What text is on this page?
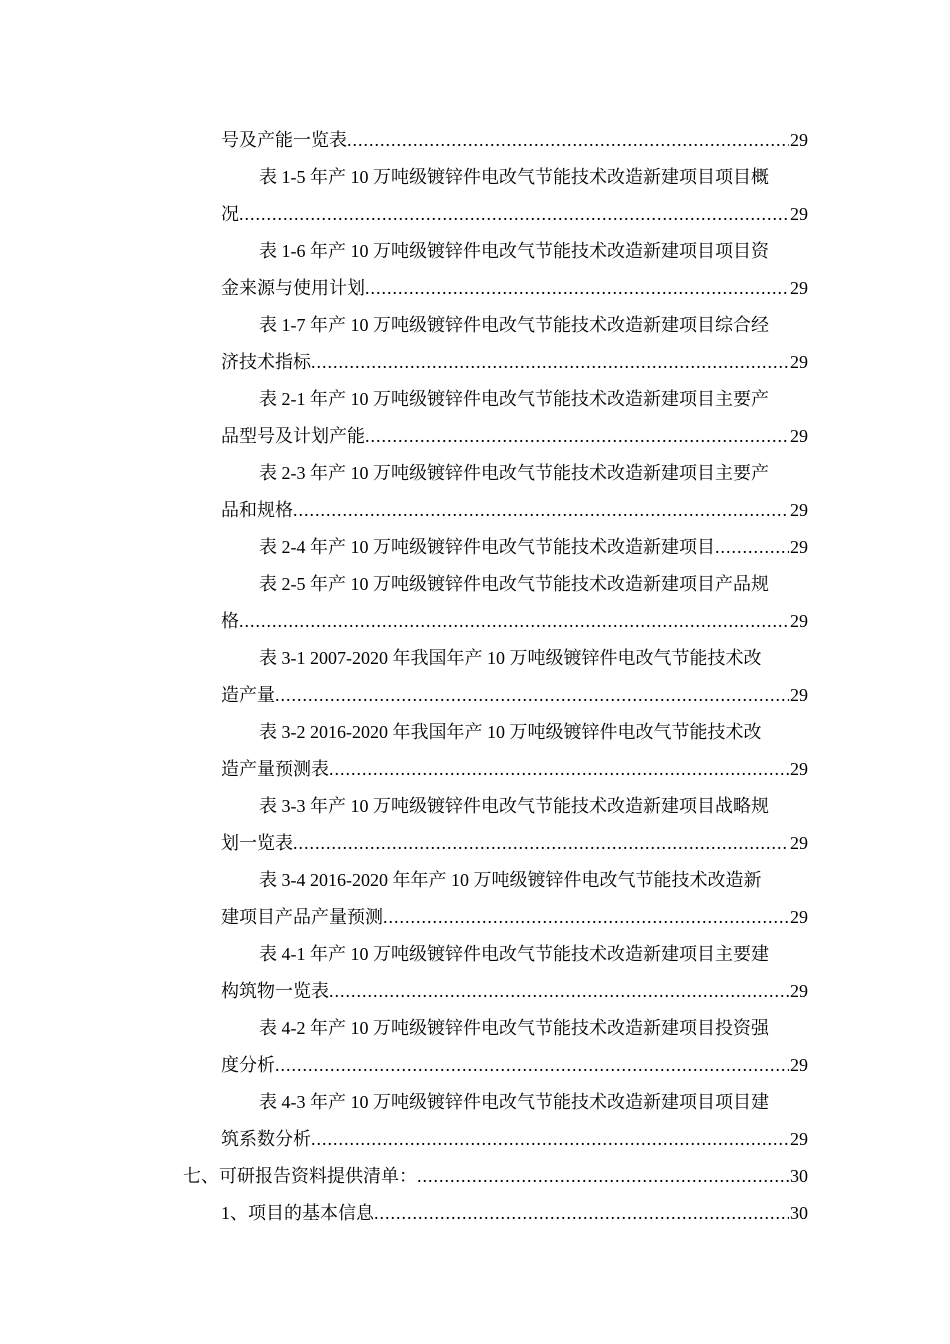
号及产能一览表 .....	29
表 1-5 年产 10 万吨级镀锌件电改气节能技术改造新建项目项目概
况 .....	29
表 1-6 年产 10 万吨级镀锌件电改气节能技术改造新建项目项目资
金来源与使用计划 .....	29
表 1-7 年产 10 万吨级镀锌件电改气节能技术改造新建项目综合经
济技术指标 .....	29
表 2-1 年产 10 万吨级镀锌件电改气节能技术改造新建项目主要产
品型号及计划产能 .....	29
表 2-3 年产 10 万吨级镀锌件电改气节能技术改造新建项目主要产
品和规格 .....	29
表 2-4 年产 10 万吨级镀锌件电改气节能技术改造新建项目 .....	29
表 2-5 年产 10 万吨级镀锌件电改气节能技术改造新建项目产品规
格 .....	29
表 3-1 2007-2020 年我国年产 10 万吨级镀锌件电改气节能技术改
造产量 .....	29
表 3-2 2016-2020 年我国年产 10 万吨级镀锌件电改气节能技术改
造产量预测表 .....	29
表 3-3 年产 10 万吨级镀锌件电改气节能技术改造新建项目战略规
划一览表 .....	29
表 3-4 2016-2020 年年产 10 万吨级镀锌件电改气节能技术改造新
建项目产品产量预测 .....	29
表 4-1 年产 10 万吨级镀锌件电改气节能技术改造新建项目主要建
构筑物一览表 .....	29
表 4-2 年产 10 万吨级镀锌件电改气节能技术改造新建项目投资强
度分析 .....	29
表 4-3 年产 10 万吨级镀锌件电改气节能技术改造新建项目项目建
筑系数分析 .....	29
七、可研报告资料提供清单： .....	30
1、项目的基本信息 .....	30
